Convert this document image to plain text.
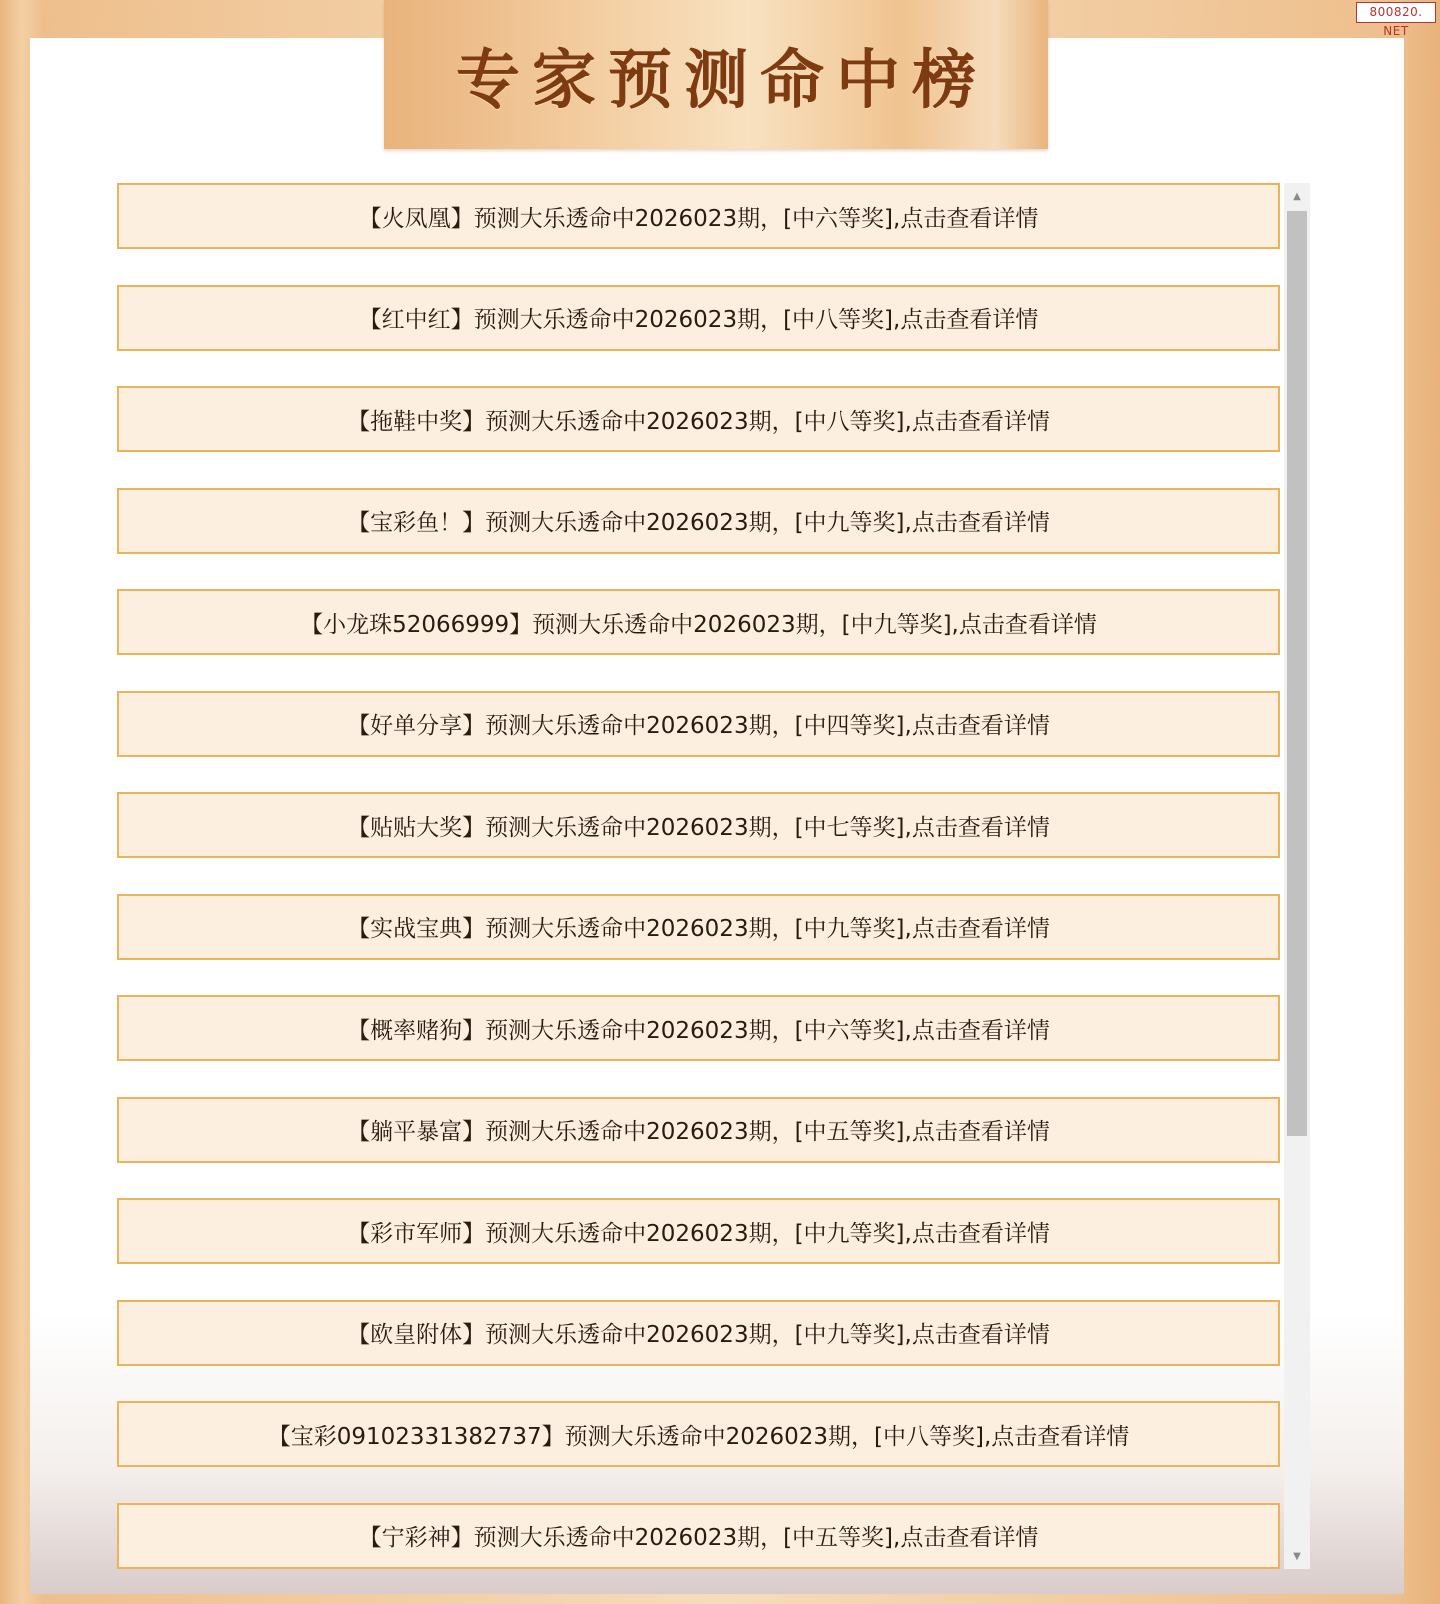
专家预测命中榜
800820. NET
【火凤凰】预测大乐透命中2026023期，[中六等奖],点击查看详情
【红中红】预测大乐透命中2026023期，[中八等奖],点击查看详情
【拖鞋中奖】预测大乐透命中2026023期，[中八等奖],点击查看详情
【宝彩鱼！】预测大乐透命中2026023期，[中九等奖],点击查看详情
【小龙珠52066999】预测大乐透命中2026023期，[中九等奖],点击查看详情
【好单分享】预测大乐透命中2026023期，[中四等奖],点击查看详情
【贴贴大奖】预测大乐透命中2026023期，[中七等奖],点击查看详情
【实战宝典】预测大乐透命中2026023期，[中九等奖],点击查看详情
【概率赌狗】预测大乐透命中2026023期，[中六等奖],点击查看详情
【躺平暴富】预测大乐透命中2026023期，[中五等奖],点击查看详情
【彩市军师】预测大乐透命中2026023期，[中九等奖],点击查看详情
【欧皇附体】预测大乐透命中2026023期，[中九等奖],点击查看详情
【宝彩09102331382737】预测大乐透命中2026023期，[中八等奖],点击查看详情
【宁彩神】预测大乐透命中2026023期，[中五等奖],点击查看详情
▲
▼
